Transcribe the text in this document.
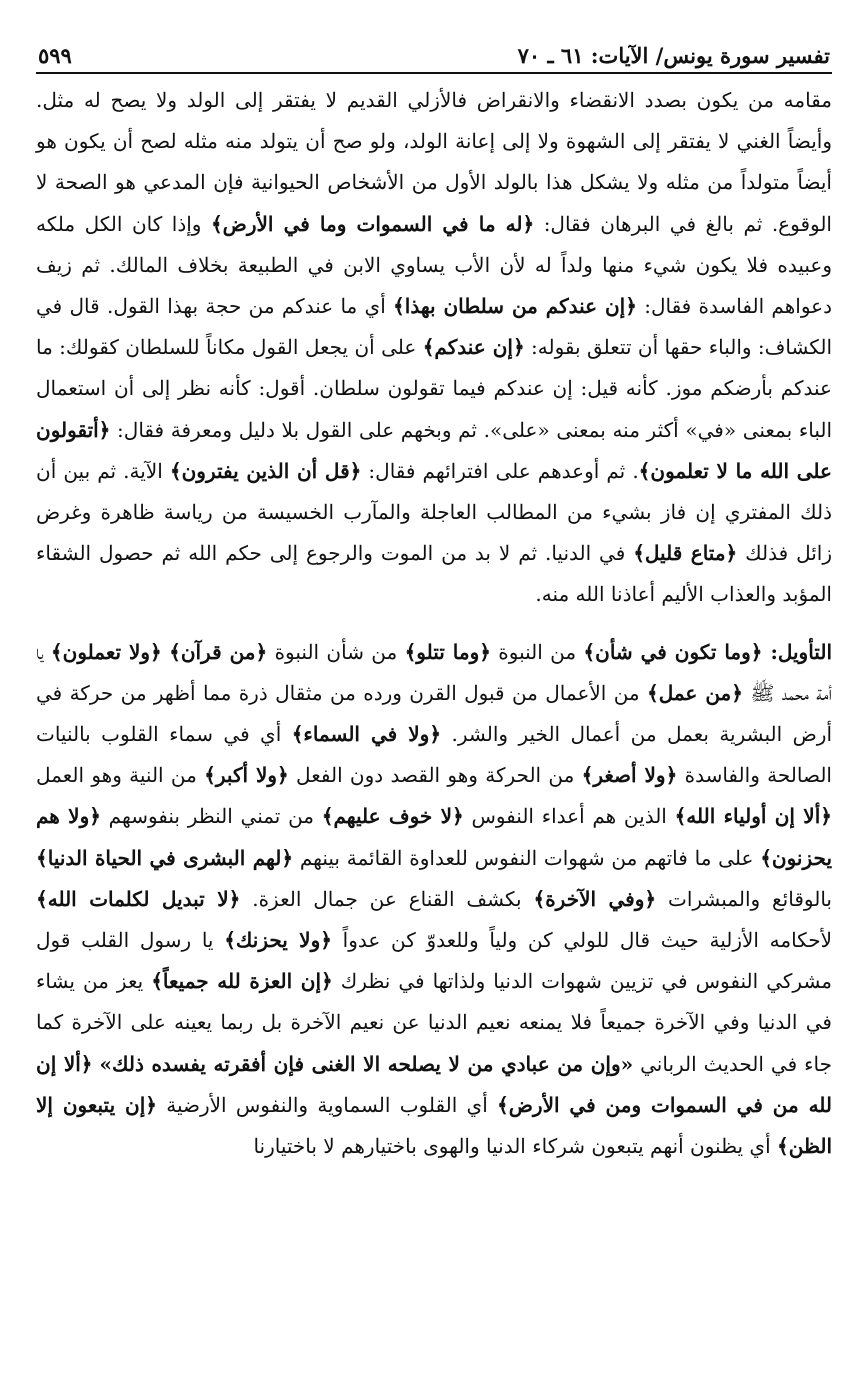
تفسير سورة يونس/ الآيات: ٦١ ـ ٧٠
٥٩٩

مقامه من يكون بصدد الانقضاء والانقراض فالأزلي القديم لا يفتقر إلى الولد ولا يصح له مثل. وأيضاً الغني لا يفتقر إلى الشهوة ولا إلى إعانة الولد، ولو صح أن يتولد منه مثله لصح أن يكون هو أيضاً متولداً من مثله ولا يشكل هذا بالولد الأول من الأشخاص الحيوانية فإن المدعي هو الصحة لا الوقوع. ثم بالغ في البرهان فقال: ﴿له ما في السموات وما في الأرض﴾ وإذا كان الكل ملكه وعبيده فلا يكون شيء منها ولداً له لأن الأب يساوي الابن في الطبيعة بخلاف المالك. ثم زيف دعواهم الفاسدة فقال: ﴿إن عندكم من سلطان بهذا﴾ أي ما عندكم من حجة بهذا القول. قال في الكشاف: والباء حقها أن تتعلق بقوله: ﴿إن عندكم﴾ على أن يجعل القول مكاناً للسلطان كقولك: ما عندكم بأرضكم موز. كأنه قيل: إن عندكم فيما تقولون سلطان. أقول: كأنه نظر إلى أن استعمال الباء بمعنى «في» أكثر منه بمعنى «على». ثم وبخهم على القول بلا دليل ومعرفة فقال: ﴿أتقولون على الله ما لا تعلمون﴾. ثم أوعدهم على افترائهم فقال: ﴿قل أن الذين يفترون﴾ الآية. ثم بين أن ذلك المفتري إن فاز بشيء من المطالب العاجلة والمآرب الخسيسة من رياسة ظاهرة وغرض زائل فذلك ﴿متاع قليل﴾ في الدنيا. ثم لا بد من الموت والرجوع إلى حكم الله ثم حصول الشقاء المؤبد والعذاب الأليم أعاذنا الله منه.

التأويل: ﴿وما تكون في شأن﴾ من النبوة ﴿وما تتلو﴾ من شأن النبوة ﴿من قرآن﴾ ﴿ولا تعملون﴾ يا أمة محمد ﷺ ﴿من عمل﴾ من الأعمال من قبول القرن ورده من مثقال ذرة مما أظهر من حركة في أرض البشرية بعمل من أعمال الخير والشر. ﴿ولا في السماء﴾ أي في سماء القلوب بالنيات الصالحة والفاسدة ﴿ولا أصغر﴾ من الحركة وهو القصد دون الفعل ﴿ولا أكبر﴾ من النية وهو العمل ﴿ألا إن أولياء الله﴾ الذين هم أعداء النفوس ﴿لا خوف عليهم﴾ من تمني النظر بنفوسهم ﴿ولا هم يحزنون﴾ على ما فاتهم من شهوات النفوس للعداوة القائمة بينهم ﴿لهم البشرى في الحياة الدنيا﴾ بالوقائع والمبشرات ﴿وفي الآخرة﴾ بكشف القناع عن جمال العزة. ﴿لا تبديل لكلمات الله﴾ لأحكامه الأزلية حيث قال للولي كن ولياً وللعدوّ كن عدواً ﴿ولا يحزنك﴾ يا رسول القلب قول مشركي النفوس في تزيين شهوات الدنيا ولذاتها في نظرك ﴿إن العزة لله جميعاً﴾ يعز من يشاء في الدنيا وفي الآخرة جميعاً فلا يمنعه نعيم الدنيا عن نعيم الآخرة بل ربما يعينه على الآخرة كما جاء في الحديث الرباني «وإن من عبادي من لا يصلحه الا الغنى فإن أفقرته يفسده ذلك» ﴿ألا إن لله من في السموات ومن في الأرض﴾ أي القلوب السماوية والنفوس الأرضية ﴿إن يتبعون إلا الظن﴾ أي يظنون أنهم يتبعون شركاء الدنيا والهوى باختيارهم لا باختيارنا
